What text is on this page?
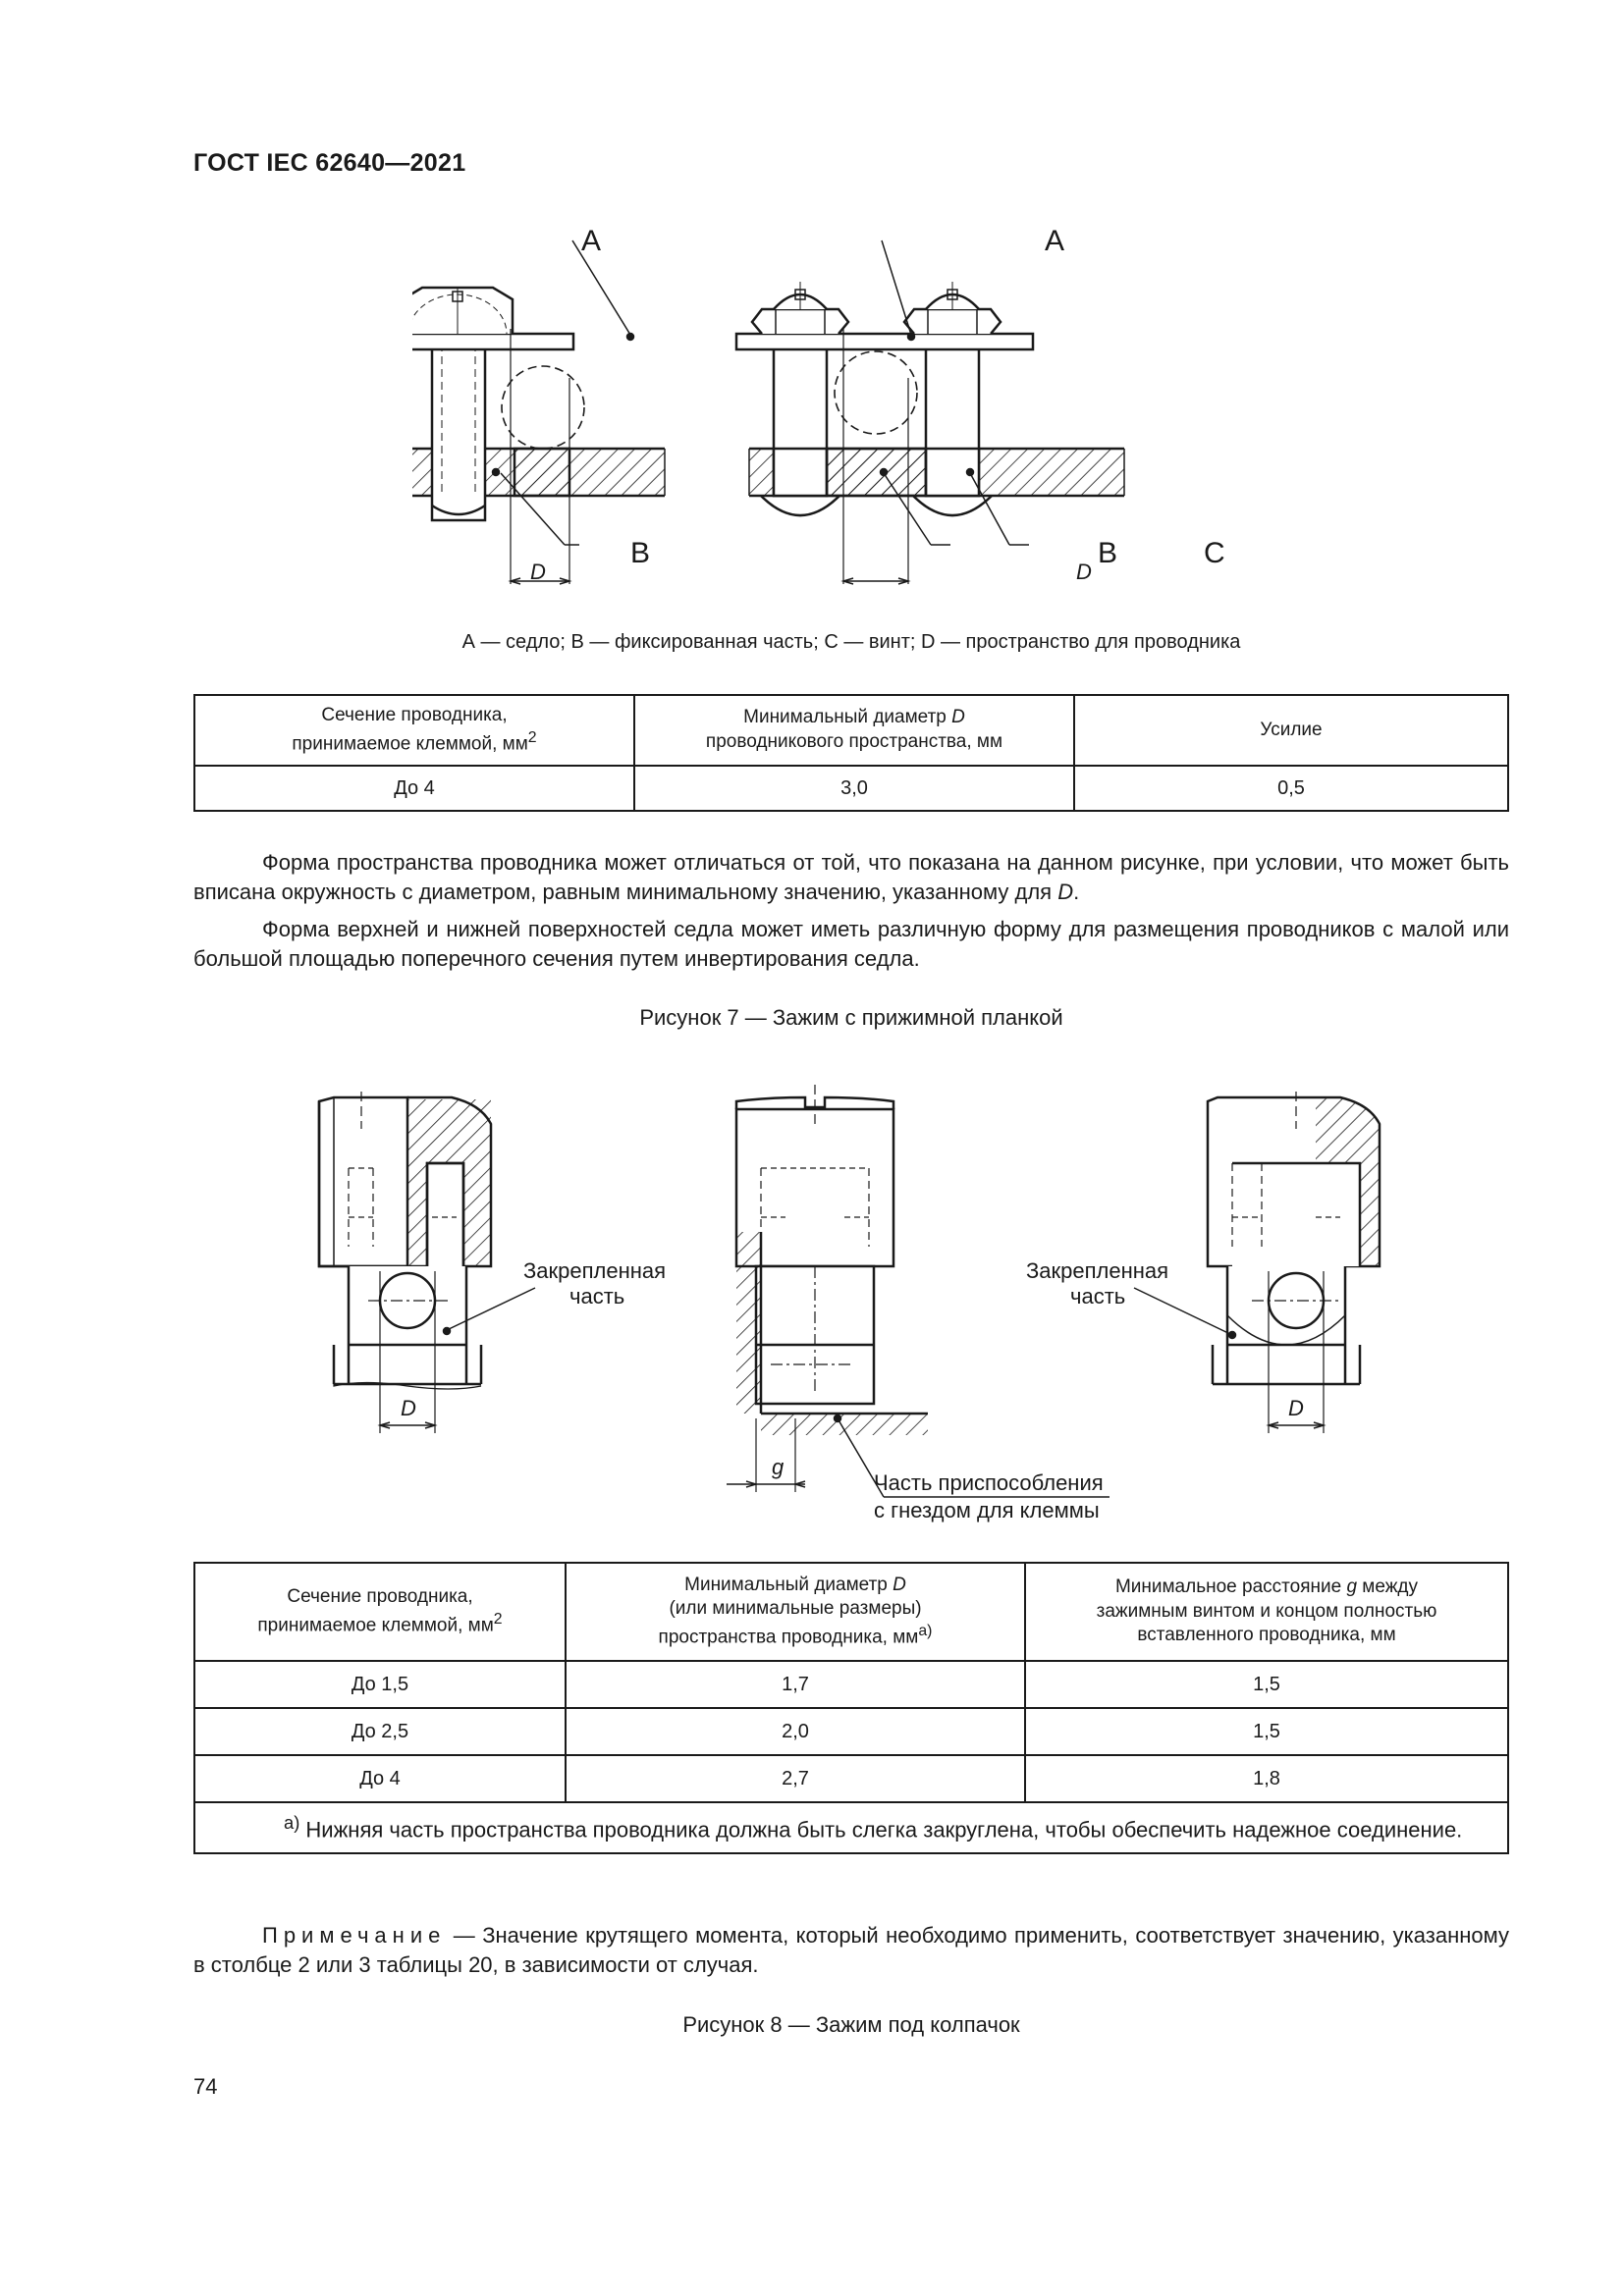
ГОСТ IEC 62640—2021
A
B
D
A
B	C
D
А — седло; В — фиксированная часть; С — винт; D — пространство для проводника
Сечение проводника,
принимаемое клеммой, $мм^2$	Минимальный диаметр D
проводникового пространства, мм	Усилие
До 4	3,0	0,5
Форма пространства проводника может отличаться от той, что показана на данном рисунке, при условии, что может быть вписана окружность с диаметром, равным минимальному значению, указанному для D.
Форма верхней и нижней поверхностей седла может иметь различную форму для размещения проводников с малой или большой площадью поперечного сечения путем инвертирования седла.
Рисунок 7 — Зажим с прижимной планкой
Закрепленная
часть
D
g
Часть приспособления
с гнездом для клеммы
Закрепленная
часть
D
Сечение проводника,
принимаемое клеммой, $мм^2$	Минимальный диаметр D
(или минимальные размеры)
пространства проводника, $мм^{a)}$	Минимальное расстояние g между
зажимным винтом и концом полностью
вставленного проводника, мм
До 1,5	1,7	1,5
До 2,5	2,0	1,5
До 4	2,7	1,8
$^{a)}$ Нижняя часть пространства проводника должна быть слегка закруглена, чтобы обеспечить надежное соединение.		
Примечание — Значение крутящего момента, который необходимо применить, соответствует значению, указанному в столбце 2 или 3 таблицы 20, в зависимости от случая.
Рисунок 8 — Зажим под колпачок
74
